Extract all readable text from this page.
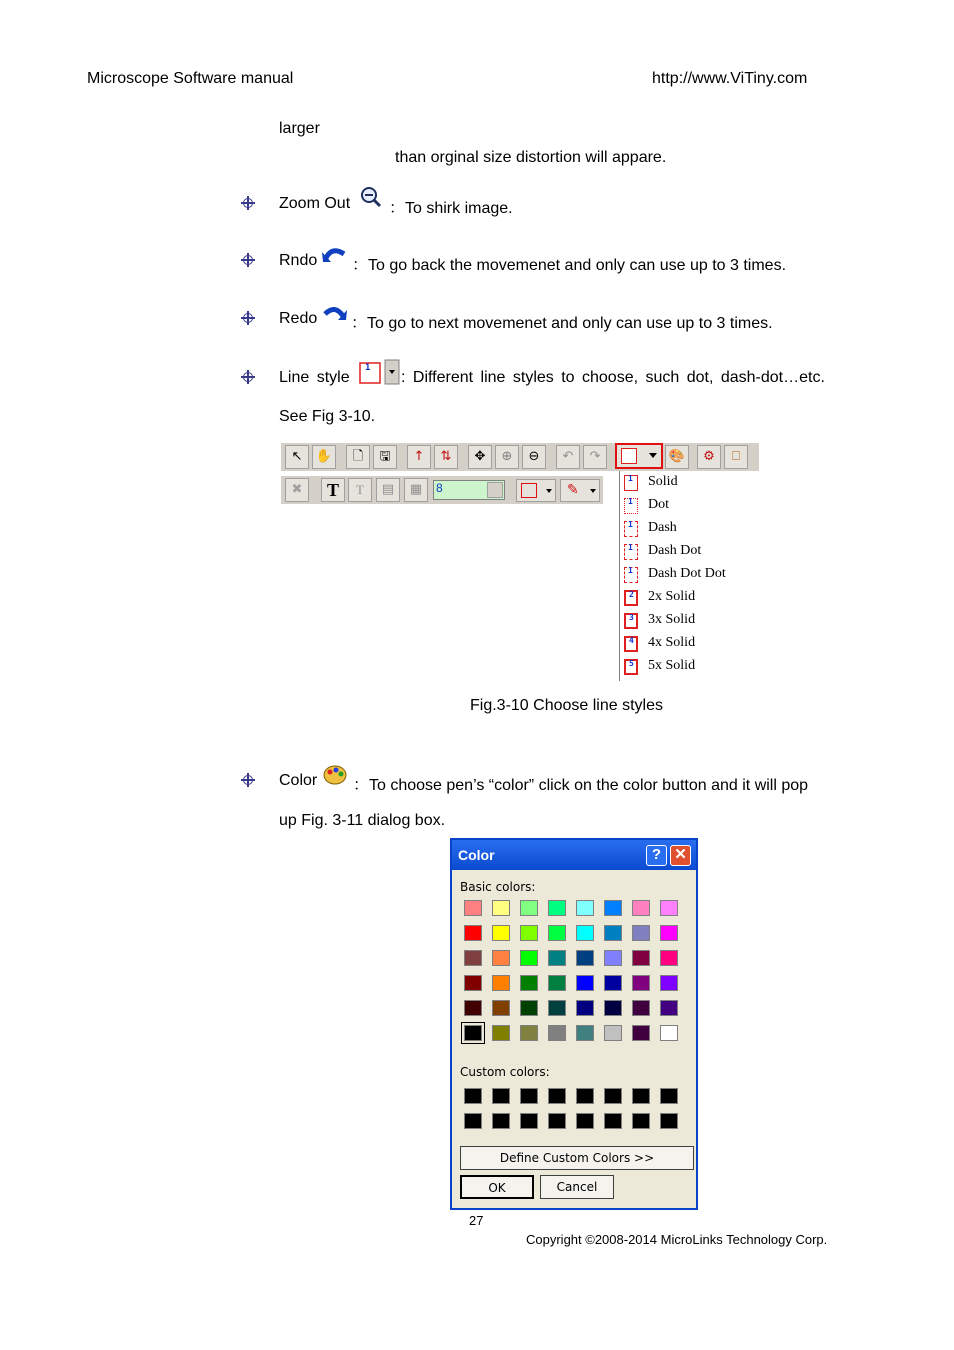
Microscope Software manual	http://www.ViTiny.com
larger
than orginal size distortion will appare.
Zoom Out ：To shirk image.
Rndo ：To go back the movemenet and only can use up to 3 times.
Redo ：To go to next movemenet and only can use up to 3 times.
Line style
1
: Different line styles to choose, such dot, dash-dot…etc.
See Fig 3-10.
↖	✋	🗋	🖫	↑	⇅	✥	⊕	⊖	↶	↷	🎨	⚙	⎕
✖	T	T	▤	▦	8	✎
1 Solid
1 Dot
1 Dash
1 Dash Dot
1 Dash Dot Dot
2 2x Solid
3 3x Solid
4 4x Solid
5 5x Solid
Fig.3-10 Choose line styles
Color ：To choose pen’s “color” click on the color button and it will pop
up Fig. 3-11 dialog box.
Color	? ✕
Basic colors:
Custom colors:
Define Custom Colors >>
OK	Cancel
27
Copyright ©2008-2014 MicroLinks Technology Corp.
